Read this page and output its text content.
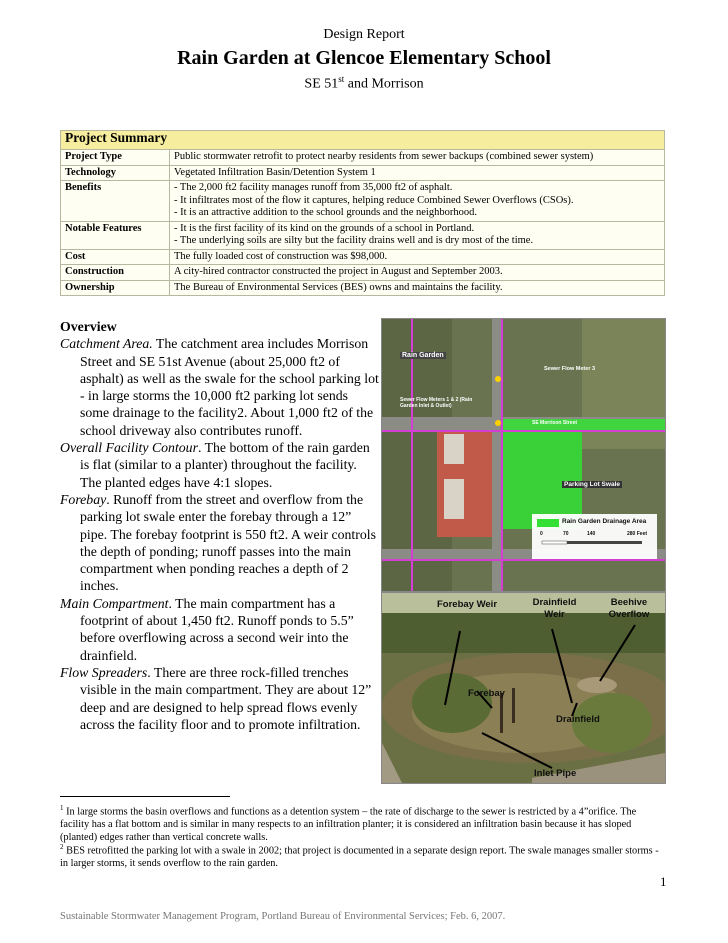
Design Report
Rain Garden at Glencoe Elementary School
SE 51st and Morrison
Project Summary	
Project Type	Public stormwater retrofit to protect nearby residents from sewer backups (combined sewer system)

Technology	Vegetated Infiltration Basin/Detention System 1

Benefits	- The 2,000 ft2 facility manages runoff from 35,000 ft2 of asphalt.
- It infiltrates most of the flow it captures, helping reduce Combined Sewer Overflows (CSOs).
- It is an attractive addition to the school grounds and the neighborhood.

Notable Features	- It is the first facility of its kind on the grounds of a school in Portland.
- The underlying soils are silty but the facility drains well and is dry most of the time.

Cost	The fully loaded cost of construction was $98,000.

Construction	A city-hired contractor constructed the project in August and September 2003.

Ownership	The Bureau of Environmental Services (BES) owns and maintains the facility.

Overview

Catchment Area. The catchment area includes Morrison Street and SE 51st Avenue (about 25,000 ft2 of asphalt) as well as the swale for the school parking lot - in large storms the 10,000 ft2 parking lot sends some drainage to the facility2. About 1,000 ft2 of the school driveway also contributes runoff.

Overall Facility Contour. The bottom of the rain garden is flat (similar to a planter) throughout the facility. The planted edges have 4:1 slopes.

Forebay. Runoff from the street and overflow from the parking lot swale enter the forebay through a 12” pipe. The forebay footprint is 550 ft2. A weir controls the depth of ponding; runoff passes into the main compartment when ponding reaches a depth of 2 inches.

Main Compartment. The main compartment has a footprint of about 1,450 ft2. Runoff ponds to 5.5” before overflowing across a second weir into the drainfield.

Flow Spreaders. There are three rock-filled trenches visible in the main compartment. They are about 12” deep and are designed to help spread flows evenly across the facility floor and to promote infiltration.

Rain Garden
Sewer Flow Meter 3
Sewer Flow Meters 1 & 2 (Rain Garden Inlet & Outlet)
SE Morrison Street
Parking Lot Swale
Rain Garden Drainage Area
0	70	140	280 Feet
Forebay Weir	Drainfield Weir
Beehive Overflow
Forebay
Drainfield
Inlet Pipe
$^1$ In large storms the basin overflows and functions as a detention system – the rate of discharge to the sewer is restricted by a 4”orifice. The facility has a flat bottom and is similar in many respects to an infiltration planter; it is considered an infiltration basin because it has sloped (planted) edges rather than vertical concrete walls.
$^2$ BES retrofitted the parking lot with a swale in 2002; that project is documented in a separate design report. The swale manages smaller storms - in larger storms, it sends overflow to the rain garden.
1
Sustainable Stormwater Management Program, Portland Bureau of Environmental Services; Feb. 6, 2007.
